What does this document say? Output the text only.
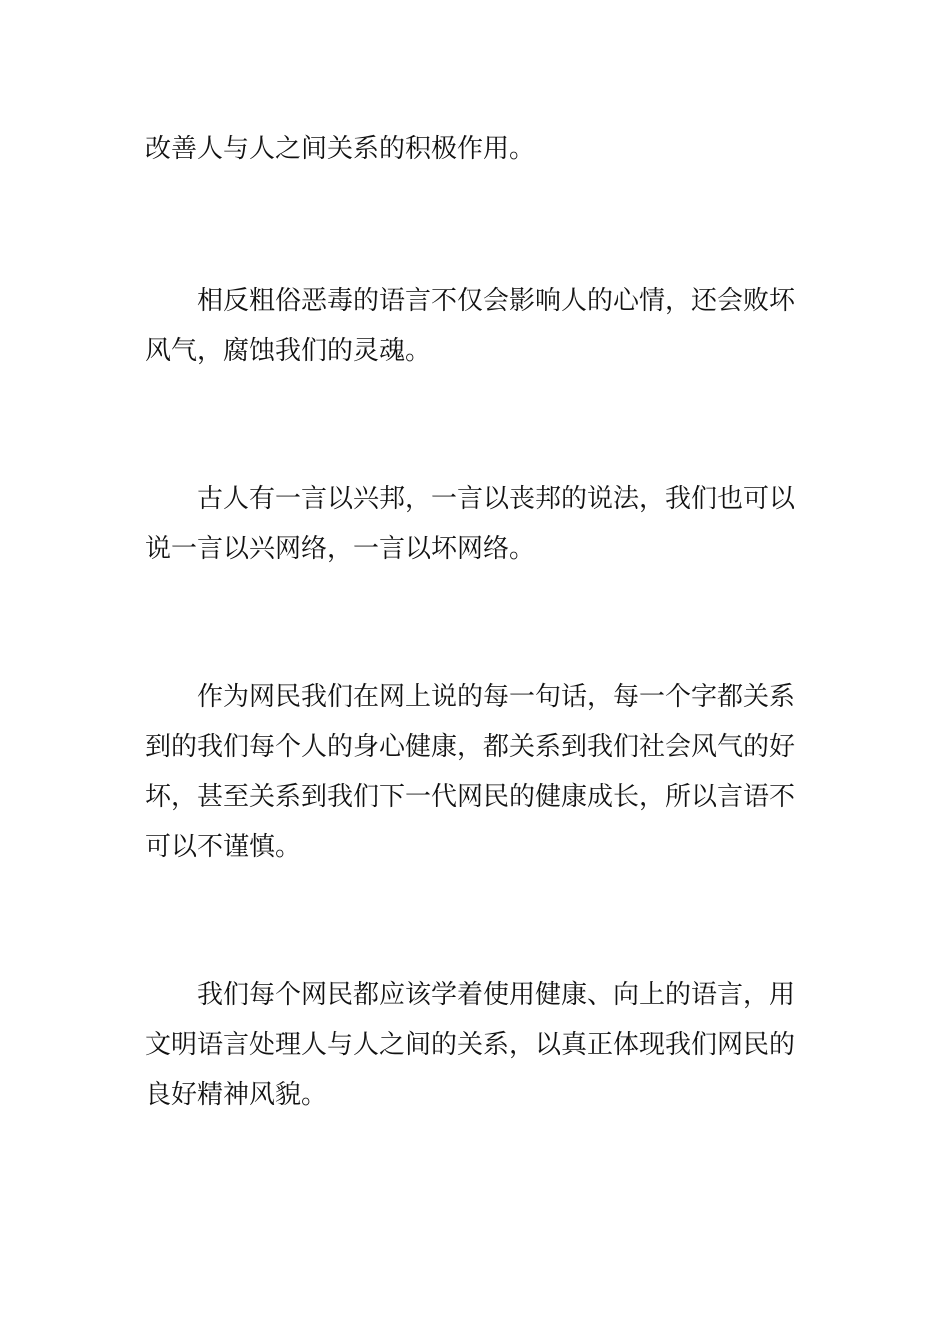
改善人与人之间关系的积极作用。
相反粗俗恶毒的语言不仅会影响人的心情，还会败坏
风气，腐蚀我们的灵魂。
古人有一言以兴邦，一言以丧邦的说法，我们也可以
说一言以兴网络，一言以坏网络。
作为网民我们在网上说的每一句话，每一个字都关系
到的我们每个人的身心健康，都关系到我们社会风气的好
坏，甚至关系到我们下一代网民的健康成长，所以言语不
可以不谨慎。
我们每个网民都应该学着使用健康、向上的语言，用
文明语言处理人与人之间的关系，以真正体现我们网民的
良好精神风貌。
